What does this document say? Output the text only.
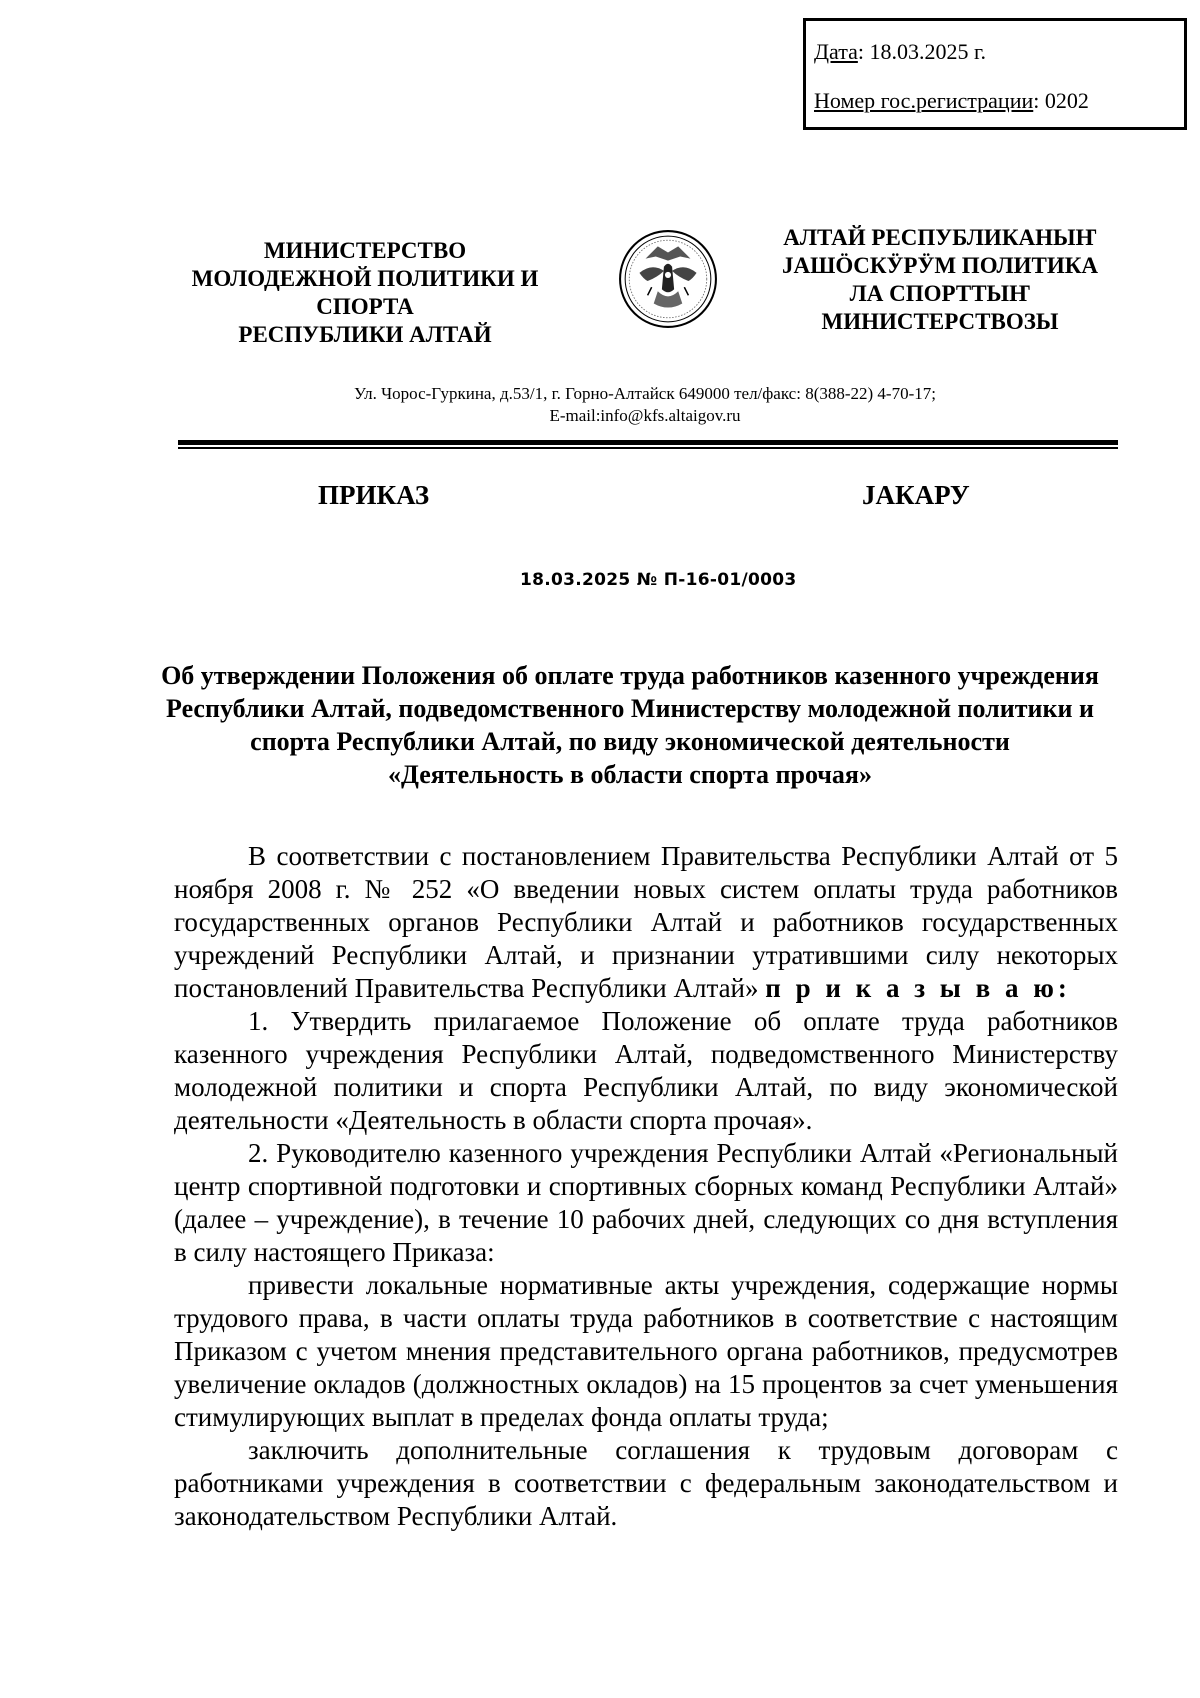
Дата: 18.03.2025 г.
Номер гос.регистрации: 0202
МИНИСТЕРСТВО
МОЛОДЕЖНОЙ ПОЛИТИКИ И
СПОРТА
РЕСПУБЛИКИ АЛТАЙ
АЛТАЙ РЕСПУБЛИКАНЫҤ
ЈАШӦСКӰРӰМ ПОЛИТИКА
ЛА СПОРТТЫҤ
МИНИСТЕРСТВОЗЫ
Ул. Чорос-Гуркина, д.53/1, г. Горно-Алтайск 649000 тел/факс: 8(388-22) 4-70-17;
E-mail:info@kfs.altaigov.ru
ПРИКАЗ	ЈАКАРУ
18.03.2025 № П-16-01/0003
Об утверждении Положения об оплате труда работников казенного учреждения Республики Алтай, подведомственного Министерству молодежной политики и спорта Республики Алтай, по виду экономической деятельности «Деятельность в области спорта прочая»

В соответствии с постановлением Правительства Республики Алтай от 5 ноября 2008 г. № 252 «О введении новых систем оплаты труда работников государственных органов Республики Алтай и работников государственных учреждений Республики Алтай, и признании утратившими силу некоторых постановлений Правительства Республики Алтай» п р и к а з ы в а ю:

1. Утвердить прилагаемое Положение об оплате труда работников казенного учреждения Республики Алтай, подведомственного Министерству молодежной политики и спорта Республики Алтай, по виду экономической деятельности «Деятельность в области спорта прочая».

2. Руководителю казенного учреждения Республики Алтай «Региональный центр спортивной подготовки и спортивных сборных команд Республики Алтай» (далее – учреждение), в течение 10 рабочих дней, следующих со дня вступления в силу настоящего Приказа:

привести локальные нормативные акты учреждения, содержащие нормы трудового права, в части оплаты труда работников в соответствие с настоящим Приказом с учетом мнения представительного органа работников, предусмотрев увеличение окладов (должностных окладов) на 15 процентов за счет уменьшения стимулирующих выплат в пределах фонда оплаты труда;

заключить дополнительные соглашения к трудовым договорам с работниками учреждения в соответствии с федеральным законодательством и законодательством Республики Алтай.
